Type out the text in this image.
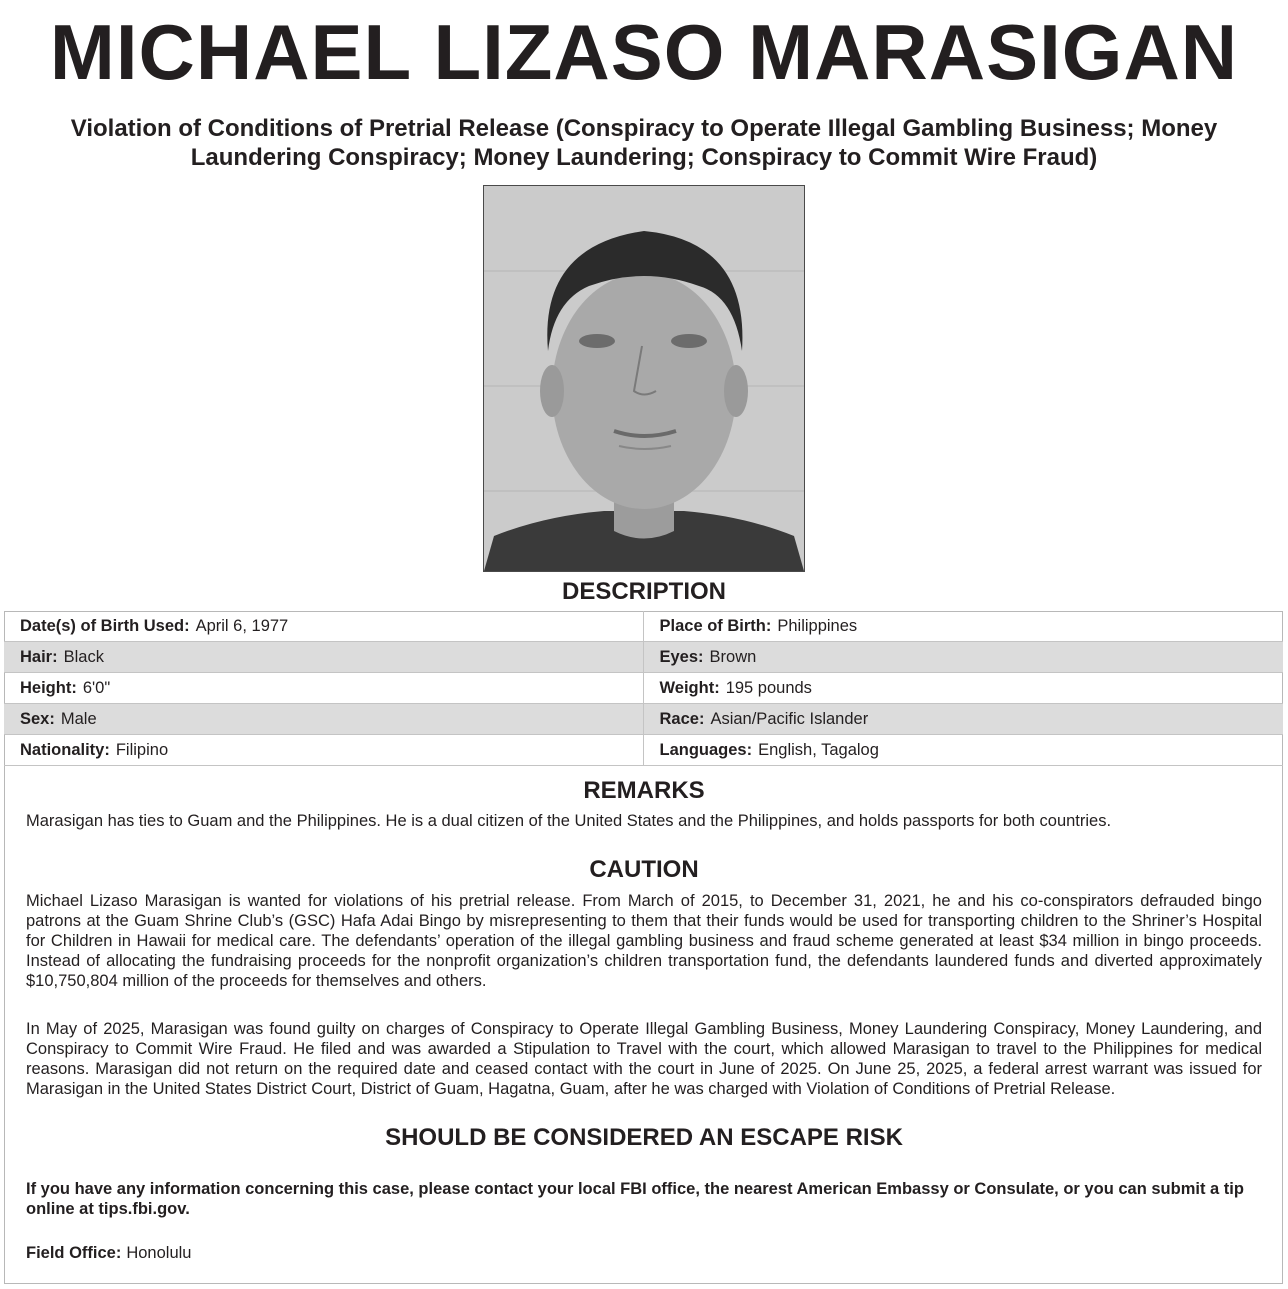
MICHAEL LIZASO MARASIGAN
Violation of Conditions of Pretrial Release (Conspiracy to Operate Illegal Gambling Business; Money Laundering Conspiracy; Money Laundering; Conspiracy to Commit Wire Fraud)
DESCRIPTION
Date(s) of Birth Used: April 6, 1977	Place of Birth: Philippines
Hair: Black	Eyes: Brown
Height: 6'0"	Weight: 195 pounds
Sex: Male	Race: Asian/Pacific Islander
Nationality: Filipino	Languages: English, Tagalog
REMARKS
Marasigan has ties to Guam and the Philippines. He is a dual citizen of the United States and the Philippines, and holds passports for both countries.
CAUTION
Michael Lizaso Marasigan is wanted for violations of his pretrial release. From March of 2015, to December 31, 2021, he and his co-conspirators defrauded bingo patrons at the Guam Shrine Club’s (GSC) Hafa Adai Bingo by misrepresenting to them that their funds would be used for transporting children to the Shriner’s Hospital for Children in Hawaii for medical care. The defendants’ operation of the illegal gambling business and fraud scheme generated at least $34 million in bingo proceeds. Instead of allocating the fundraising proceeds for the nonprofit organization’s children transportation fund, the defendants laundered funds and diverted approximately $10,750,804 million of the proceeds for themselves and others.
In May of 2025, Marasigan was found guilty on charges of Conspiracy to Operate Illegal Gambling Business, Money Laundering Conspiracy, Money Laundering, and Conspiracy to Commit Wire Fraud. He filed and was awarded a Stipulation to Travel with the court, which allowed Marasigan to travel to the Philippines for medical reasons. Marasigan did not return on the required date and ceased contact with the court in June of 2025. On June 25, 2025, a federal arrest warrant was issued for Marasigan in the United States District Court, District of Guam, Hagatna, Guam, after he was charged with Violation of Conditions of Pretrial Release.
SHOULD BE CONSIDERED AN ESCAPE RISK
If you have any information concerning this case, please contact your local FBI office, the nearest American Embassy or Consulate, or you can submit a tip online at tips.fbi.gov.
Field Office: Honolulu
